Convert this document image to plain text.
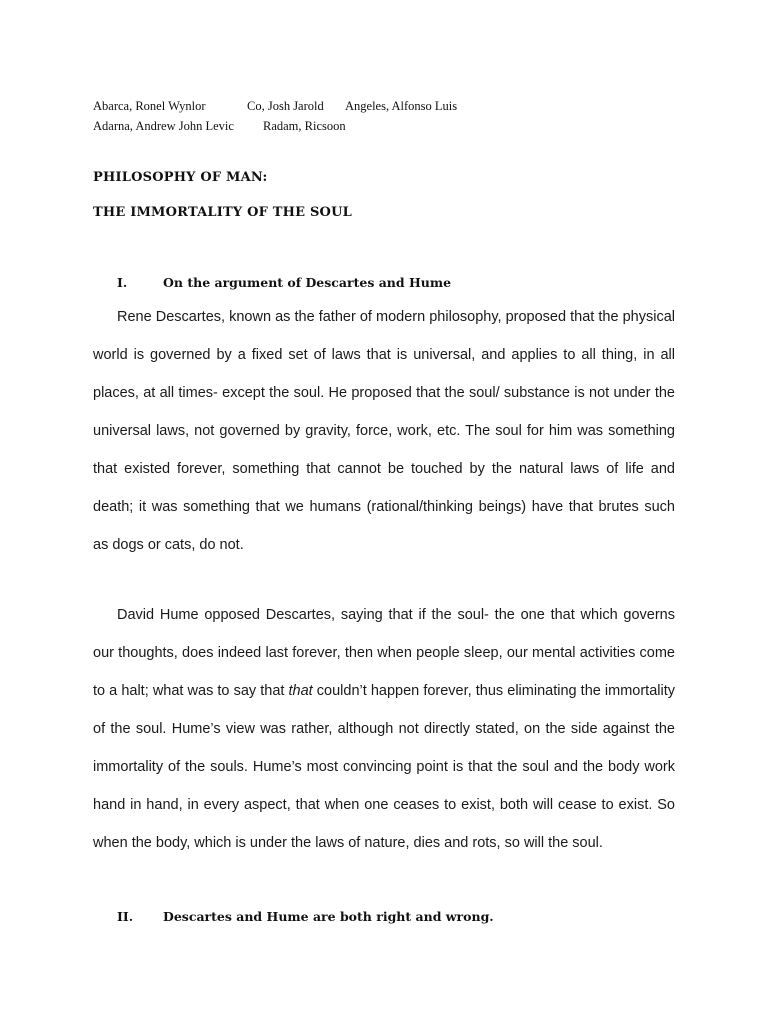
Abarca, Ronel Wynlor	Co, Josh Jarold Angeles, Alfonso Luis
Adarna, Andrew John Levic Radam, Ricsoon
PHILOSOPHY OF MAN:
THE IMMORTALITY OF THE SOUL
I.	On the argument of Descartes and Hume

Rene Descartes, known as the father of modern philosophy, proposed that the physical world is governed by a fixed set of laws that is universal, and applies to all thing, in all places, at all times- except the soul. He proposed that the soul/ substance is not under the universal laws, not governed by gravity, force, work, etc. The soul for him was something that existed forever, something that cannot be touched by the natural laws of life and death; it was something that we humans (rational/thinking beings) have that brutes such as dogs or cats, do not.

David Hume opposed Descartes, saying that if the soul- the one that which governs our thoughts, does indeed last forever, then when people sleep, our mental activities come to a halt; what was to say that that couldn’t happen forever, thus eliminating the immortality of the soul. Hume’s view was rather, although not directly stated, on the side against the immortality of the souls. Hume’s most convincing point is that the soul and the body work hand in hand, in every aspect, that when one ceases to exist, both will cease to exist. So when the body, which is under the laws of nature, dies and rots, so will the soul.

II. Descartes and Hume are both right and wrong.
